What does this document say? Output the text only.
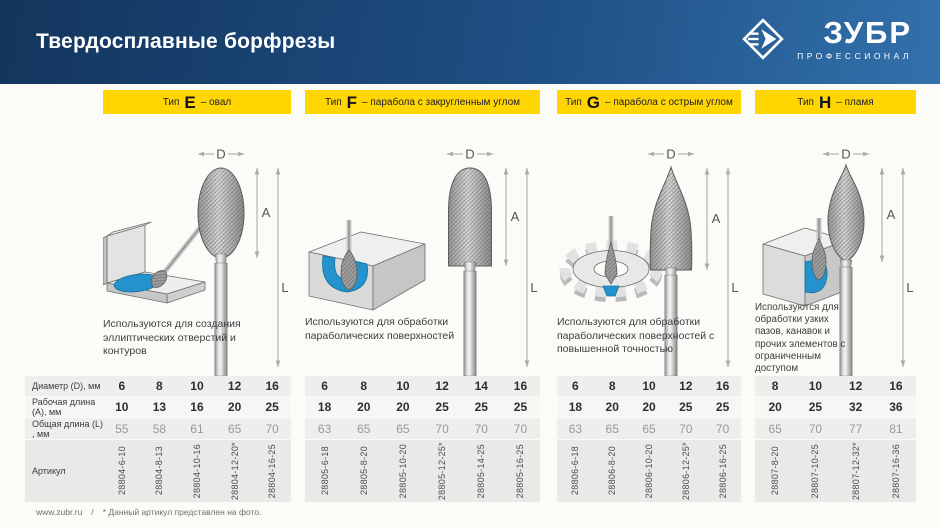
Твердосплавные борфрезы	ЗУБР
ПРОФЕССИОНАЛ
Тип E – овал
D
A
L
Используются для создания эллиптических отверстий и контуров
Диаметр (D), мм	6	8	10	12	16
Рабочая длина (A), мм	10	13	16	20	25
Общая длина (L) , мм	55	58	61	65	70
Артикул	28804-6-10	28804-8-13	28804-10-16	28804-12-20*	28804-16-25
Тип F – парабола с закругленным углом
D
A
L
Используются для обработки параболических поверхностей
6	8	10	12	14	16
18	20	20	25	25	25
63	65	65	70	70	70
28805-6-18	28805-8-20	28805-10-20	28805-12-25*	28805-14-25	28805-16-25
Тип G – парабола с острым углом
D
A
L
Используются для обработки параболических поверхностей с повышенной точностью
6	8	10	12	16
18	20	20	25	25
63	65	65	70	70
28806-6-18	28806-8-20	28806-10-20	28806-12-25*	28806-16-25
Тип H – пламя
D
A
L
Используются для обработки узких пазов, канавок и прочих элементов с ограниченным доступом
8	10	12	16
20	25	32	36
65	70	77	81
28807-8-20	28807-10-25	28807-12-32*	28807-16-36
www.zubr.ru / * Данный артикул представлен на фото.
